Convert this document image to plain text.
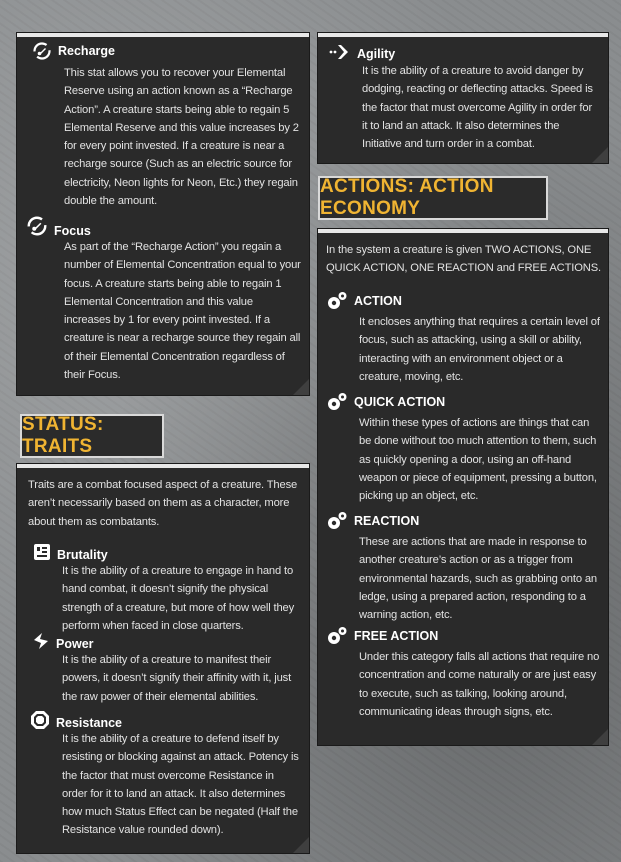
Recharge
This stat allows you to recover your Elemental Reserve using an action known as a “Recharge Action”. A creature starts being able to regain 5 Elemental Reserve and this value increases by 2 for every point invested. If a creature is near a recharge source (Such as an electric source for electricity, Neon lights for Neon, Etc.) they regain double the amount.
Focus
As part of the “Recharge Action” you regain a number of Elemental Concentration equal to your focus. A creature starts being able to regain 1 Elemental Concentration and this value increases by 1 for every point invested. If a creature is near a recharge source they regain all of their Elemental Concentration regardless of their Focus.
STATUS: TRAITS
Traits are a combat focused aspect of a creature. These aren’t necessarily based on them as a character, more about them as combatants.
Brutality
It is the ability of a creature to engage in hand to hand combat, it doesn’t signify the physical strength of a creature, but more of how well they perform when faced in close quarters.
Power
It is the ability of a creature to manifest their powers, it doesn’t signify their affinity with it, just the raw power of their elemental abilities.
Resistance
It is the ability of a creature to defend itself by resisting or blocking against an attack. Potency is the factor that must overcome Resistance in order for it to land an attack. It also determines how much Status Effect can be negated (Half the Resistance value rounded down).
Agility
It is the ability of a creature to avoid danger by dodging, reacting or deflecting attacks. Speed is the factor that must overcome Agility in order for it to land an attack. It also determines the Initiative and turn order in a combat.
ACTIONS: ACTION ECONOMY
In the system a creature is given TWO ACTIONS, ONE QUICK ACTION, ONE REACTION and FREE ACTIONS.
ACTION
It encloses anything that requires a certain level of focus, such as attacking, using a skill or ability, interacting with an environment object or a creature, moving, etc.
QUICK ACTION
Within these types of actions are things that can be done without too much attention to them, such as quickly opening a door, using an off-hand weapon or piece of equipment, pressing a button, picking up an object, etc.
REACTION
These are actions that are made in response to another creature’s action or as a trigger from environmental hazards, such as grabbing onto an ledge, using a prepared action, responding to a warning action, etc.
FREE ACTION
Under this category falls all actions that require no concentration and come naturally or are just easy to execute, such as talking, looking around, communicating ideas through signs, etc.
